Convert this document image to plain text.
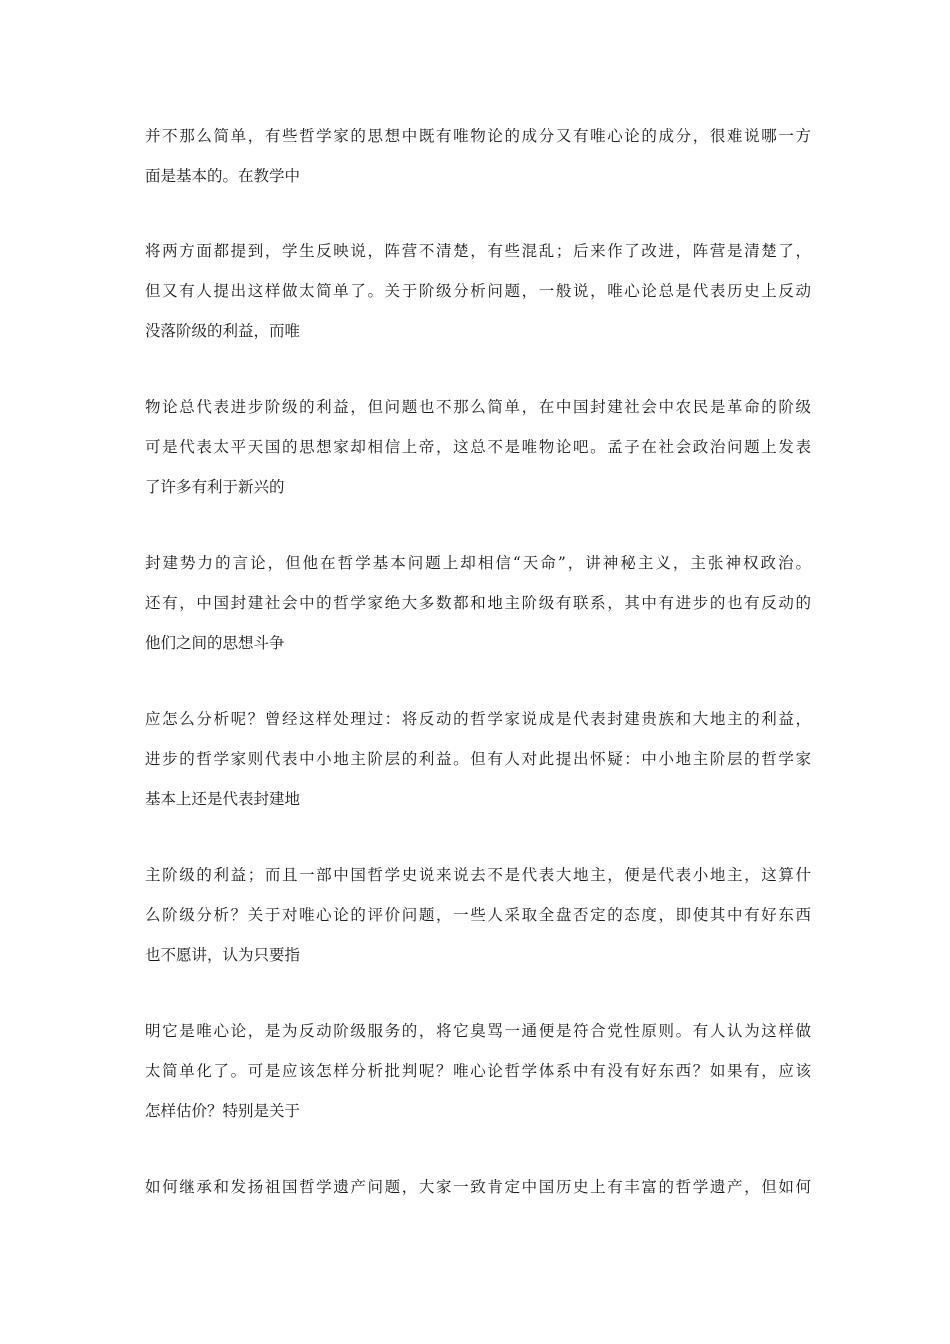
并不那么简单，有些哲学家的思想中既有唯物论的成分又有唯心论的成分，很难说哪一方
面是基本的。在教学中

将两方面都提到，学生反映说，阵营不清楚，有些混乱；后来作了改进，阵营是清楚了，
但又有人提出这样做太简单了。关于阶级分析问题，一般说，唯心论总是代表历史上反动
没落阶级的利益，而唯

物论总代表进步阶级的利益，但问题也不那么简单，在中国封建社会中农民是革命的阶级
可是代表太平天国的思想家却相信上帝，这总不是唯物论吧。孟子在社会政治问题上发表
了许多有利于新兴的

封建势力的言论，但他在哲学基本问题上却相信“天命”，讲神秘主义，主张神权政治。
还有，中国封建社会中的哲学家绝大多数都和地主阶级有联系，其中有进步的也有反动的
他们之间的思想斗争

应怎么分析呢？曾经这样处理过：将反动的哲学家说成是代表封建贵族和大地主的利益，
进步的哲学家则代表中小地主阶层的利益。但有人对此提出怀疑：中小地主阶层的哲学家
基本上还是代表封建地

主阶级的利益；而且一部中国哲学史说来说去不是代表大地主，便是代表小地主，这算什
么阶级分析？关于对唯心论的评价问题，一些人采取全盘否定的态度，即使其中有好东西
也不愿讲，认为只要指

明它是唯心论，是为反动阶级服务的，将它臭骂一通便是符合党性原则。有人认为这样做
太简单化了。可是应该怎样分析批判呢？唯心论哲学体系中有没有好东西？如果有，应该
怎样估价？特别是关于

如何继承和发扬祖国哲学遗产问题，大家一致肯定中国历史上有丰富的哲学遗产，但如何
